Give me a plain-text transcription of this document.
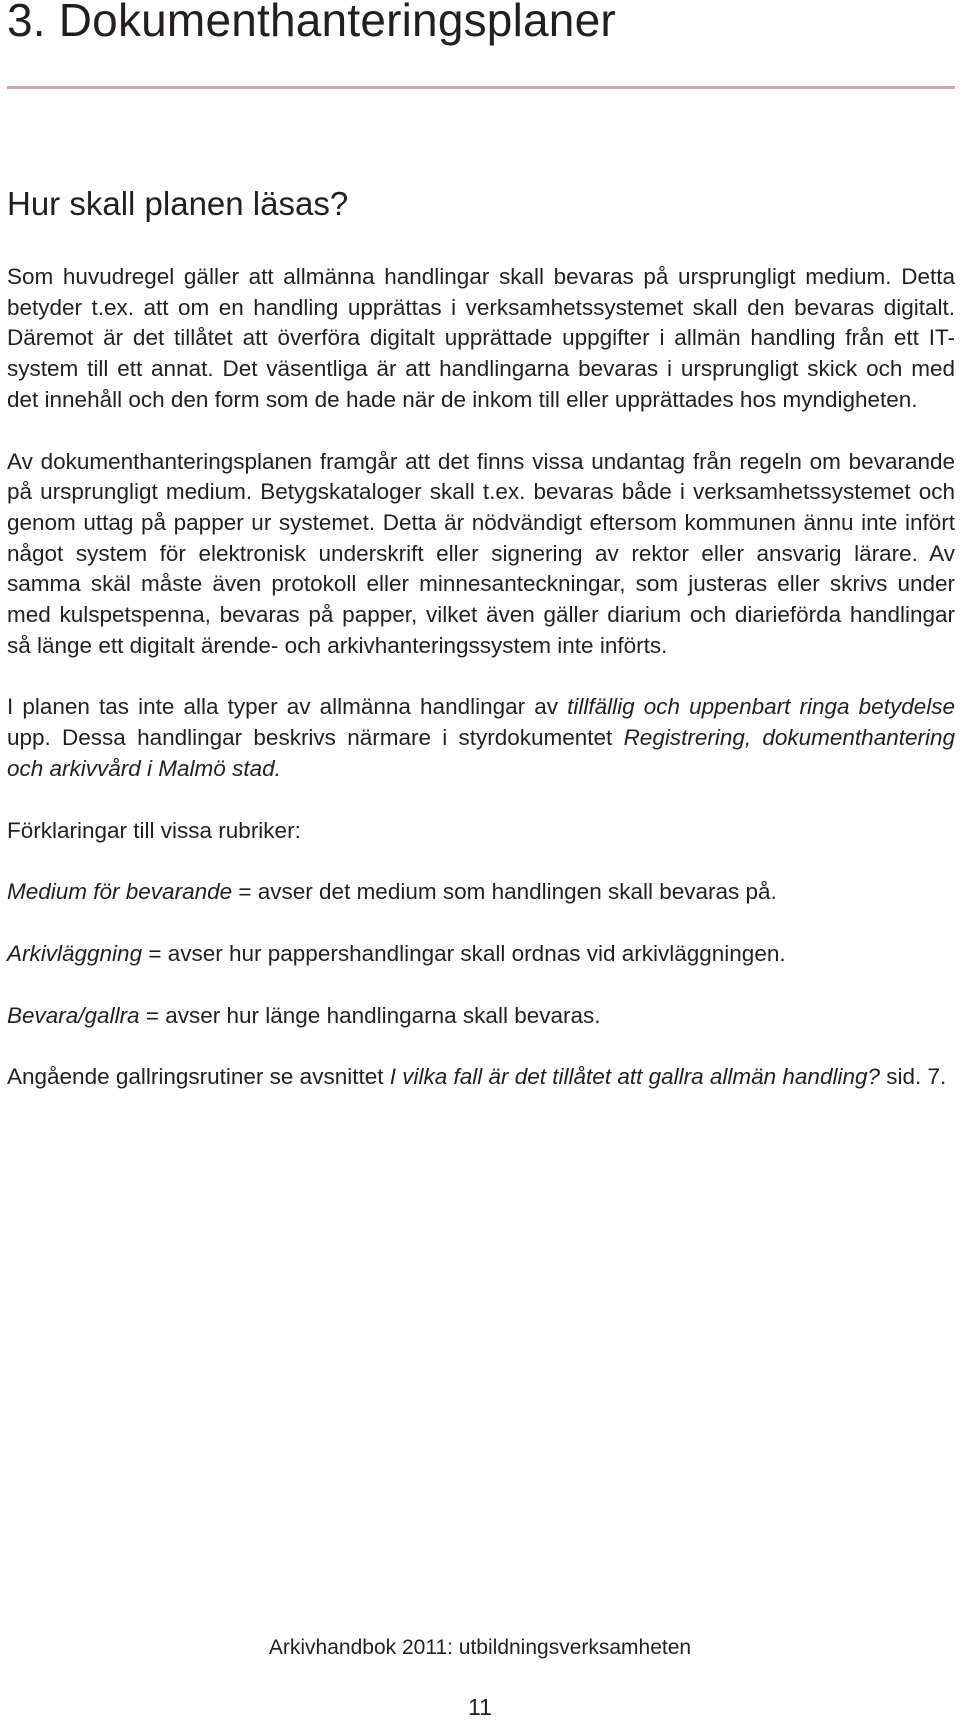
3. Dokumenthanteringsplaner
Hur skall planen läsas?

Som huvudregel gäller att allmänna handlingar skall bevaras på ursprungligt medium. Detta betyder t.ex. att om en handling upprättas i verksamhetssystemet skall den bevaras digitalt. Däremot är det tillåtet att överföra digitalt upprättade uppgifter i allmän handling från ett IT-system till ett annat. Det väsentliga är att handlingarna bevaras i ursprungligt skick och med det innehåll och den form som de hade när de inkom till eller upprättades hos myndigheten.

Av dokumenthanteringsplanen framgår att det finns vissa undantag från regeln om bevarande på ursprungligt medium. Betygskataloger skall t.ex. bevaras både i verksamhetssystemet och genom uttag på papper ur systemet. Detta är nödvändigt eftersom kommunen ännu inte infört något system för elektronisk underskrift eller signering av rektor eller ansvarig lärare. Av samma skäl måste även protokoll eller minnesanteckningar, som justeras eller skrivs under med kulspetspenna, bevaras på papper, vilket även gäller diarium och diarieförda handlingar så länge ett digitalt ärende- och arkivhanteringssystem inte införts.

I planen tas inte alla typer av allmänna handlingar av tillfällig och uppenbart ringa betydelse upp. Dessa handlingar beskrivs närmare i styrdokumentet Registrering, dokumenthantering och arkivvård i Malmö stad.

Förklaringar till vissa rubriker:

Medium för bevarande = avser det medium som handlingen skall bevaras på.

Arkivläggning = avser hur pappershandlingar skall ordnas vid arkivläggningen.

Bevara/gallra = avser hur länge handlingarna skall bevaras.

Angående gallringsrutiner se avsnittet I vilka fall är det tillåtet att gallra allmän handling? sid. 7.

Arkivhandbok 2011: utbildningsverksamheten
11
